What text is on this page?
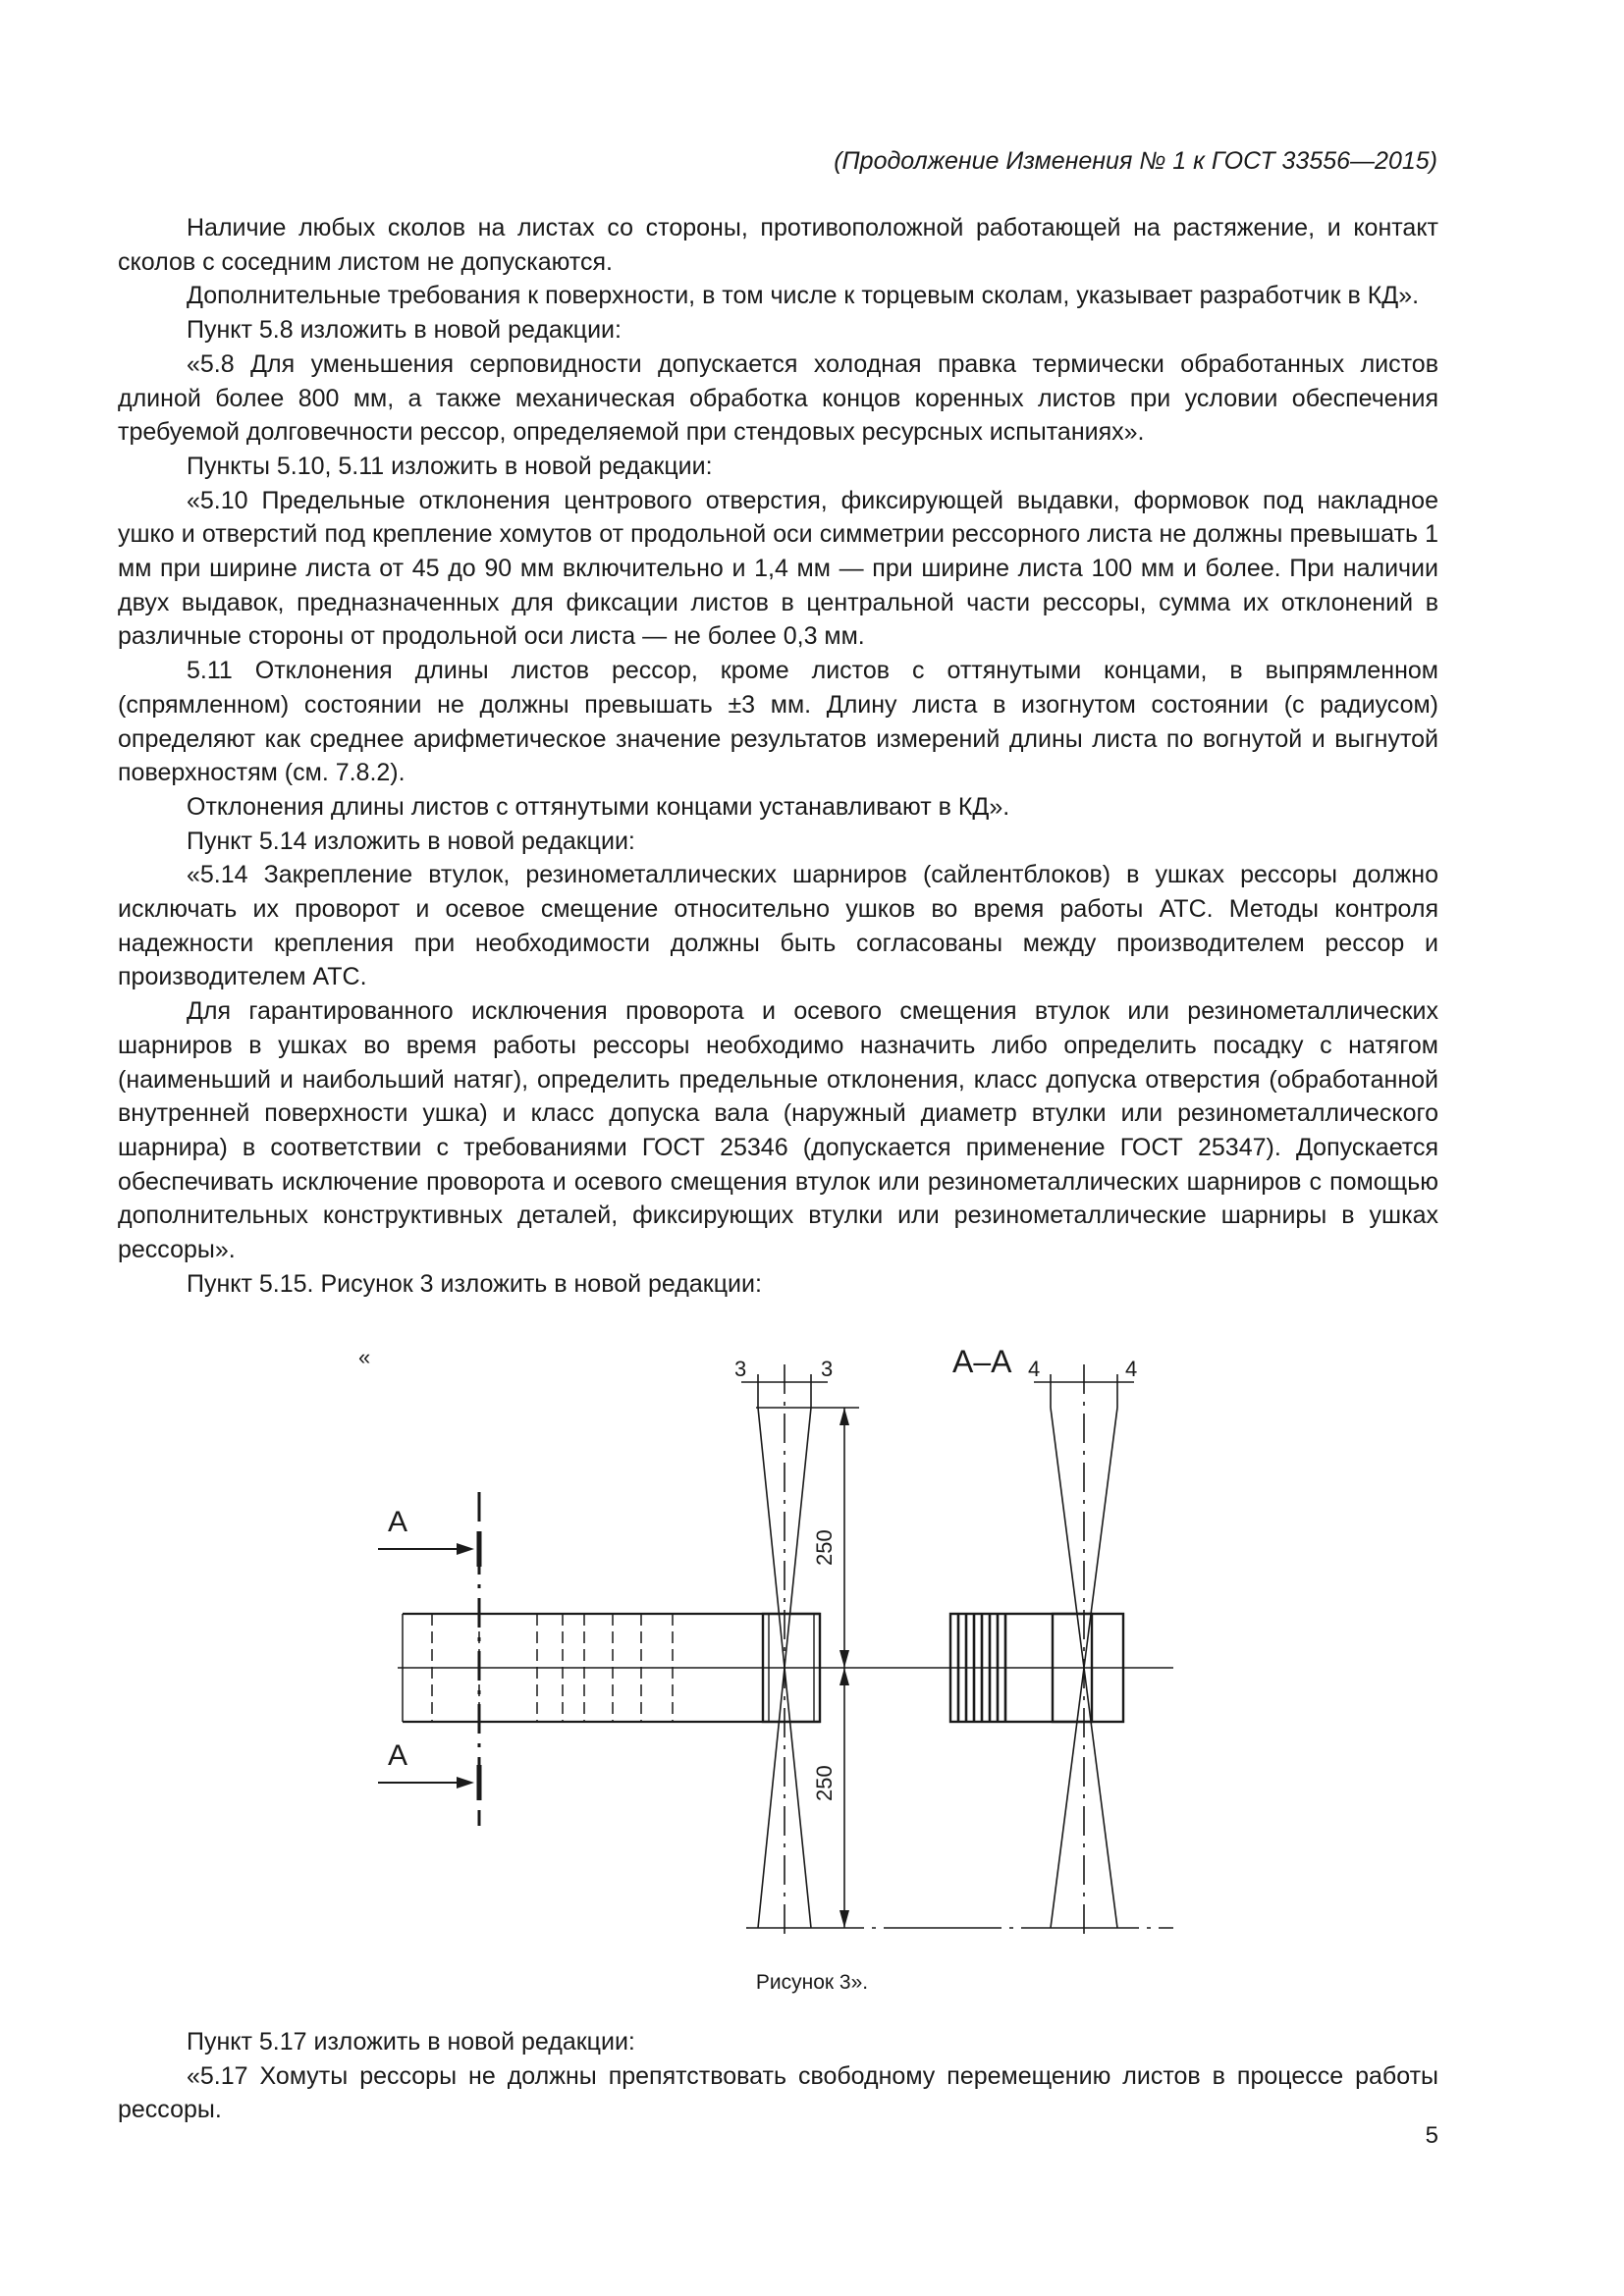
(Продолжение Изменения № 1 к ГОСТ 33556—2015)

Наличие любых сколов на листах со стороны, противоположной работающей на растяжение, и контакт сколов с соседним листом не допускаются.

Дополнительные требования к поверхности, в том числе к торцевым сколам, указывает разработчик в КД».

Пункт 5.8 изложить в новой редакции:

«5.8 Для уменьшения серповидности допускается холодная правка термически обработанных листов длиной более 800 мм, а также механическая обработка концов коренных листов при условии обеспечения требуемой долговечности рессор, определяемой при стендовых ресурсных испытаниях».

Пункты 5.10, 5.11 изложить в новой редакции:

«5.10 Предельные отклонения центрового отверстия, фиксирующей выдавки, формовок под накладное ушко и отверстий под крепление хомутов от продольной оси симметрии рессорного листа не должны превышать 1 мм при ширине листа от 45 до 90 мм включительно и 1,4 мм — при ширине листа 100 мм и более. При наличии двух выдавок, предназначенных для фиксации листов в центральной части рессоры, сумма их отклонений в различные стороны от продольной оси листа — не более 0,3 мм.

5.11 Отклонения длины листов рессор, кроме листов с оттянутыми концами, в выпрямленном (спрямленном) состоянии не должны превышать ±3 мм. Длину листа в изогнутом состоянии (с радиусом) определяют как среднее арифметическое значение результатов измерений длины листа по вогнутой и выгнутой поверхностям (см. 7.8.2).

Отклонения длины листов с оттянутыми концами устанавливают в КД».

Пункт 5.14 изложить в новой редакции:

«5.14 Закрепление втулок, резинометаллических шарниров (сайлентблоков) в ушках рессоры должно исключать их проворот и осевое смещение относительно ушков во время работы АТС. Методы контроля надежности крепления при необходимости должны быть согласованы между производителем рессор и производителем АТС.

Для гарантированного исключения проворота и осевого смещения втулок или резинометаллических шарниров в ушках во время работы рессоры необходимо назначить либо определить посадку с натягом (наименьший и наибольший натяг), определить предельные отклонения, класс допуска отверстия (обработанной внутренней поверхности ушка) и класс допуска вала (наружный диаметр втулки или резинометаллического шарнира) в соответствии с требованиями ГОСТ 25346 (допускается применение ГОСТ 25347). Допускается обеспечивать исключение проворота и осевого смещения втулок или резинометаллических шарниров с помощью дополнительных конструктивных деталей, фиксирующих втулки или резинометаллические шарниры в ушках рессоры».

Пункт 5.15. Рисунок 3 изложить в новой редакции:

«
А
А
3	3
250
250
А–А 4	4
Рисунок 3».

Пункт 5.17 изложить в новой редакции:

«5.17 Хомуты рессоры не должны препятствовать свободному перемещению листов в процессе работы рессоры.

5
